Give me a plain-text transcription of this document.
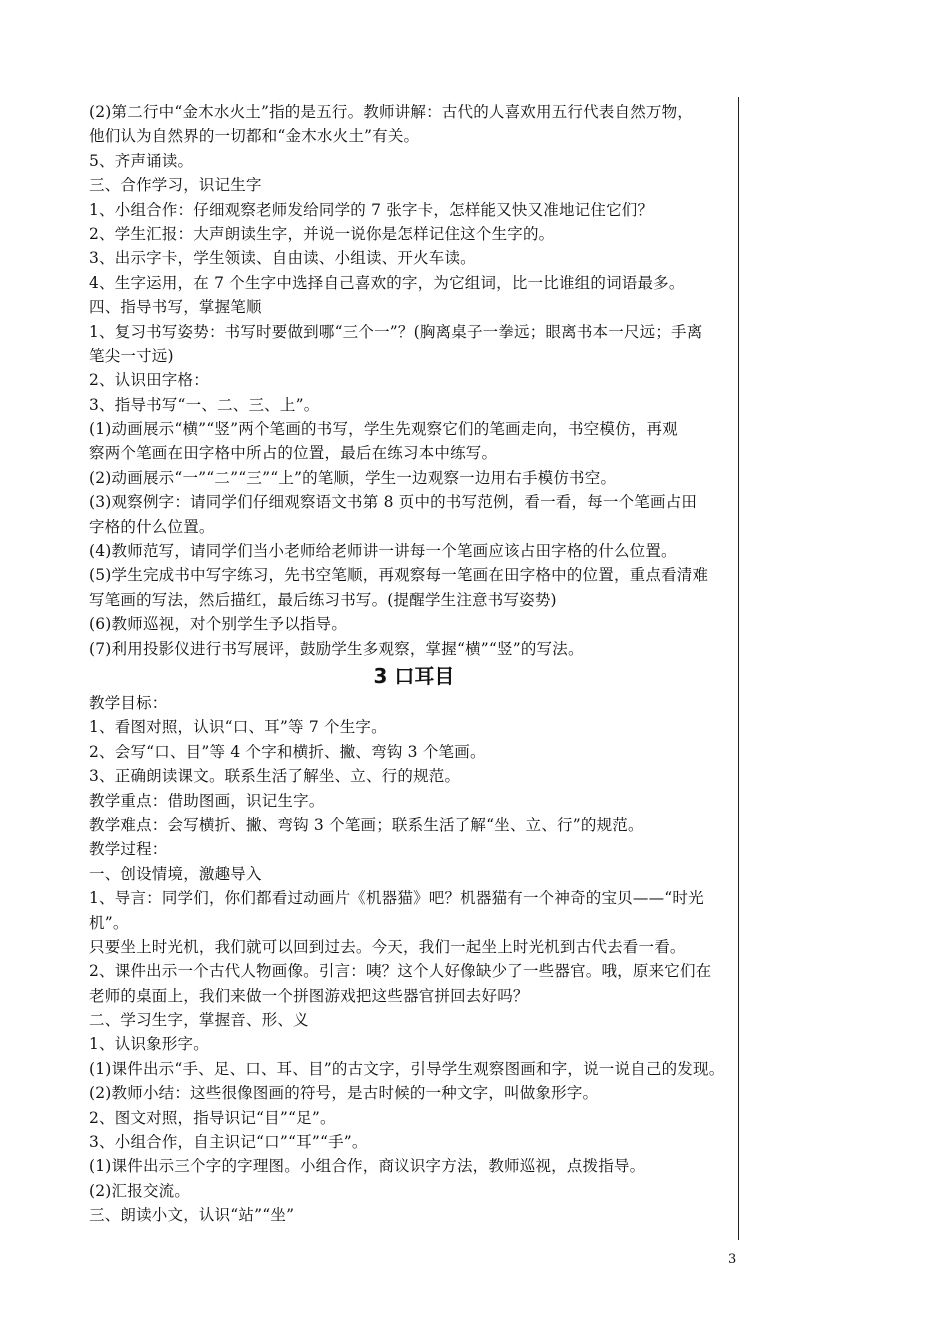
(2)第二行中“金木水火土”指的是五行。教师讲解：古代的人喜欢用五行代表自然万物，
他们认为自然界的一切都和“金木水火土”有关。
5、齐声诵读。
三、合作学习，识记生字
1、小组合作：仔细观察老师发给同学的 7 张字卡，怎样能又快又准地记住它们？
2、学生汇报：大声朗读生字，并说一说你是怎样记住这个生字的。
3、出示字卡，学生领读、自由读、小组读、开火车读。
4、生字运用，在 7 个生字中选择自己喜欢的字，为它组词，比一比谁组的词语最多。
四、指导书写，掌握笔顺
1、复习书写姿势：书写时要做到哪“三个一”？(胸离桌子一拳远；眼离书本一尺远；手离
笔尖一寸远)
2、认识田字格：
3、指导书写“一、二、三、上”。
(1)动画展示“横”“竖”两个笔画的书写，学生先观察它们的笔画走向，书空模仿，再观
察两个笔画在田字格中所占的位置，最后在练习本中练写。
(2)动画展示“一”“二”“三”“上”的笔顺，学生一边观察一边用右手模仿书空。
(3)观察例字：请同学们仔细观察语文书第 8 页中的书写范例，看一看，每一个笔画占田
字格的什么位置。
(4)教师范写，请同学们当小老师给老师讲一讲每一个笔画应该占田字格的什么位置。
(5)学生完成书中写字练习，先书空笔顺，再观察每一笔画在田字格中的位置，重点看清难
写笔画的写法，然后描红，最后练习书写。(提醒学生注意书写姿势)
(6)教师巡视，对个别学生予以指导。
(7)利用投影仪进行书写展评，鼓励学生多观察，掌握“横”“竖”的写法。
3 口耳目
教学目标：
1、看图对照，认识“口、耳”等 7 个生字。
2、会写“口、目”等 4 个字和横折、撇、弯钩 3 个笔画。
3、正确朗读课文。联系生活了解坐、立、行的规范。
教学重点：借助图画，识记生字。
教学难点：会写横折、撇、弯钩 3 个笔画；联系生活了解“坐、立、行”的规范。
教学过程：
一、创设情境，激趣导入
1、导言：同学们，你们都看过动画片《机器猫》吧？机器猫有一个神奇的宝贝——“时光
机”。
只要坐上时光机，我们就可以回到过去。今天，我们一起坐上时光机到古代去看一看。
2、课件出示一个古代人物画像。引言：咦？这个人好像缺少了一些器官。哦，原来它们在
老师的桌面上，我们来做一个拼图游戏把这些器官拼回去好吗？
二、学习生字，掌握音、形、义
1、认识象形字。
(1)课件出示“手、足、口、耳、目”的古文字，引导学生观察图画和字，说一说自己的发现。
(2)教师小结：这些很像图画的符号，是古时候的一种文字，叫做象形字。
2、图文对照，指导识记“目”“足”。
3、小组合作，自主识记“口”“耳”“手”。
(1)课件出示三个字的字理图。小组合作，商议识字方法，教师巡视，点拨指导。
(2)汇报交流。
三、朗读小文，认识“站”“坐”
3
